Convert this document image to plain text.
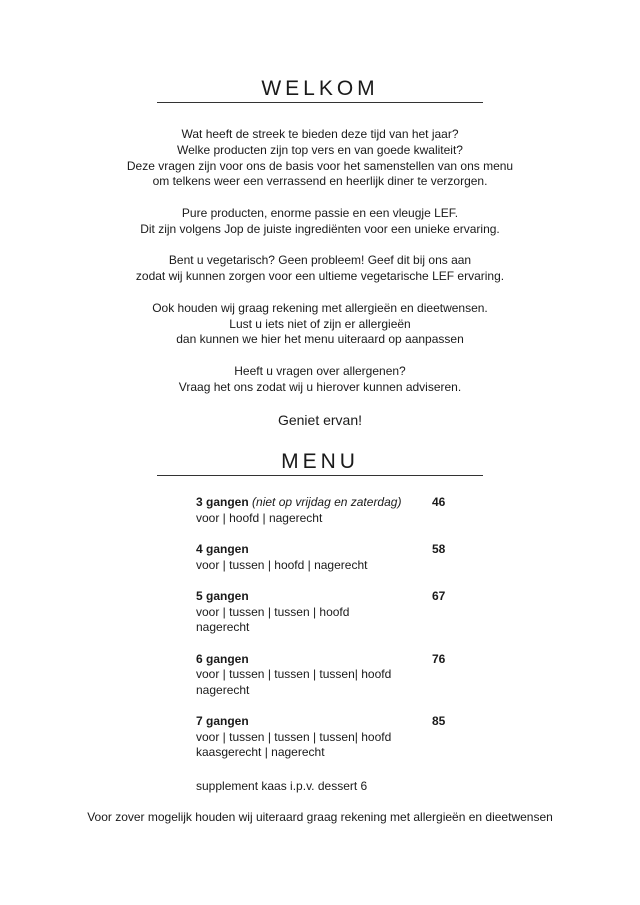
WELKOM

Wat heeft de streek te bieden deze tijd van het jaar?
Welke producten zijn top vers en van goede kwaliteit?
Deze vragen zijn voor ons de basis voor het samenstellen van ons menu
om telkens weer een verrassend en heerlijk diner te verzorgen.

Pure producten, enorme passie en een vleugje LEF.
Dit zijn volgens Jop de juiste ingrediënten voor een unieke ervaring.

Bent u vegetarisch? Geen probleem! Geef dit bij ons aan
zodat wij kunnen zorgen voor een ultieme vegetarische LEF ervaring.

Ook houden wij graag rekening met allergieën en dieetwensen.
Lust u iets niet of zijn er allergieën
dan kunnen we hier het menu uiteraard op aanpassen

Heeft u vragen over allergenen?
Vraag het ons zodat wij u hierover kunnen adviseren.

Geniet ervan!
MENU
3 gangen (niet op vrijdag en zaterdag)	46
voor | hoofd | nagerecht
4 gangen	58
voor | tussen | hoofd | nagerecht
5 gangen	67
voor | tussen | tussen | hoofd
nagerecht
6 gangen	76
voor | tussen | tussen | tussen| hoofd
nagerecht
7 gangen	85
voor | tussen | tussen | tussen| hoofd
kaasgerecht | nagerecht
supplement kaas i.p.v. dessert 6
Voor zover mogelijk houden wij uiteraard graag rekening met allergieën en dieetwensen
